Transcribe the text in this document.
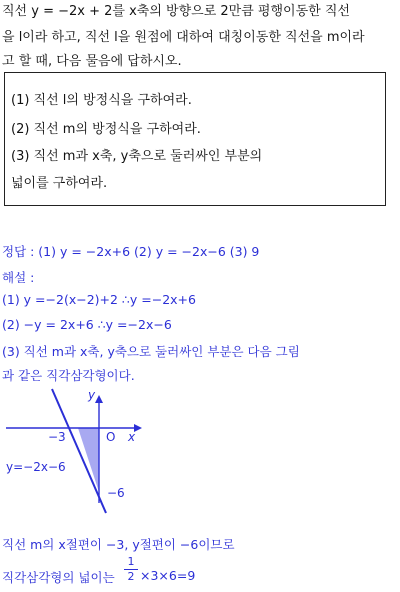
직선 y = −2x + 2를 x축의 방향으로 2만큼 평행이동한 직선
을 l이라 하고, 직선 l을 원점에 대하여 대칭이동한 직선을 m이라
고 할 때, 다음 물음에 답하시오.
(1) 직선 l의 방정식을 구하여라.
(2) 직선 m의 방정식을 구하여라.
(3) 직선 m과 x축, y축으로 둘러싸인 부분의
넓이를 구하여라.
정답 : (1) y = −2x+6 (2) y = −2x−6 (3) 9
해설 :
(1) y =−2(x−2)+2 ∴y =−2x+6
(2) −y = 2x+6 ∴y =−2x−6
(3) 직선 m과 x축, y축으로 둘러싸인 부분은 다음 그림
과 같은 직각삼각형이다.
y
x
O
−3
−6
y=−2x−6
직선 m의 x절편이 −3, y절편이 −6이므로
직각삼각형의 넓이는
1
2 ×3×6=9
